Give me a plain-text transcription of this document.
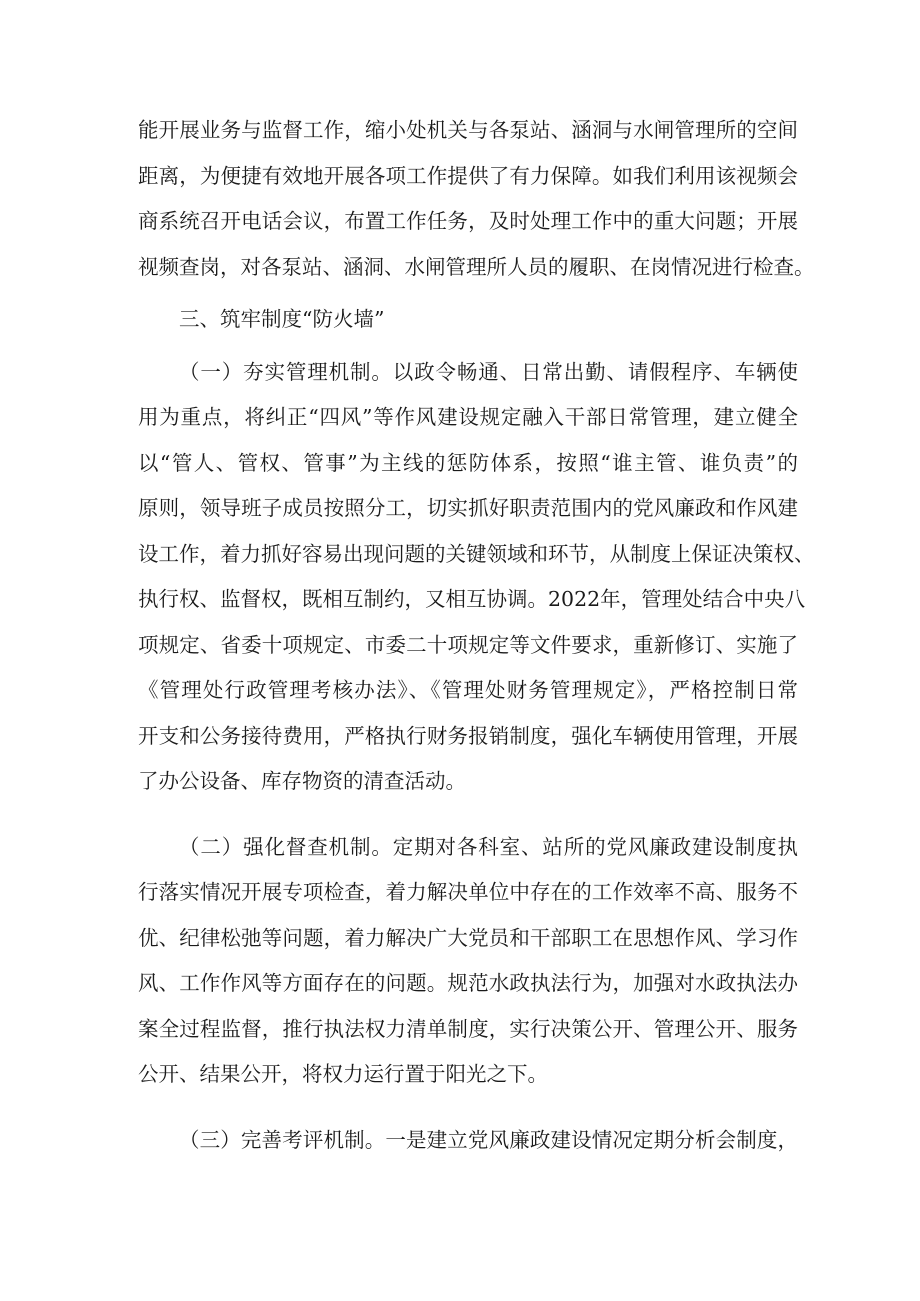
能开展业务与监督工作，缩小处机关与各泵站、涵洞与水闸管理所的空间
距离，为便捷有效地开展各项工作提供了有力保障。如我们利用该视频会
商系统召开电话会议，布置工作任务，及时处理工作中的重大问题；开展
视频查岗，对各泵站、涵洞、水闸管理所人员的履职、在岗情况进行检查。
三、筑牢制度“防火墙”
（一）夯实管理机制。以政令畅通、日常出勤、请假程序、车辆使
用为重点，将纠正“四风”等作风建设规定融入干部日常管理，建立健全
以“管人、管权、管事”为主线的惩防体系，按照“谁主管、谁负责”的
原则，领导班子成员按照分工，切实抓好职责范围内的党风廉政和作风建
设工作，着力抓好容易出现问题的关键领域和环节，从制度上保证决策权、
执行权、监督权，既相互制约，又相互协调。2022年，管理处结合中央八
项规定、省委十项规定、市委二十项规定等文件要求，重新修订、实施了
《管理处行政管理考核办法》、《管理处财务管理规定》，严格控制日常
开支和公务接待费用，严格执行财务报销制度，强化车辆使用管理，开展
了办公设备、库存物资的清查活动。
（二）强化督查机制。定期对各科室、站所的党风廉政建设制度执
行落实情况开展专项检查，着力解决单位中存在的工作效率不高、服务不
优、纪律松弛等问题，着力解决广大党员和干部职工在思想作风、学习作
风、工作作风等方面存在的问题。规范水政执法行为，加强对水政执法办
案全过程监督，推行执法权力清单制度，实行决策公开、管理公开、服务
公开、结果公开，将权力运行置于阳光之下。
（三）完善考评机制。一是建立党风廉政建设情况定期分析会制度，
